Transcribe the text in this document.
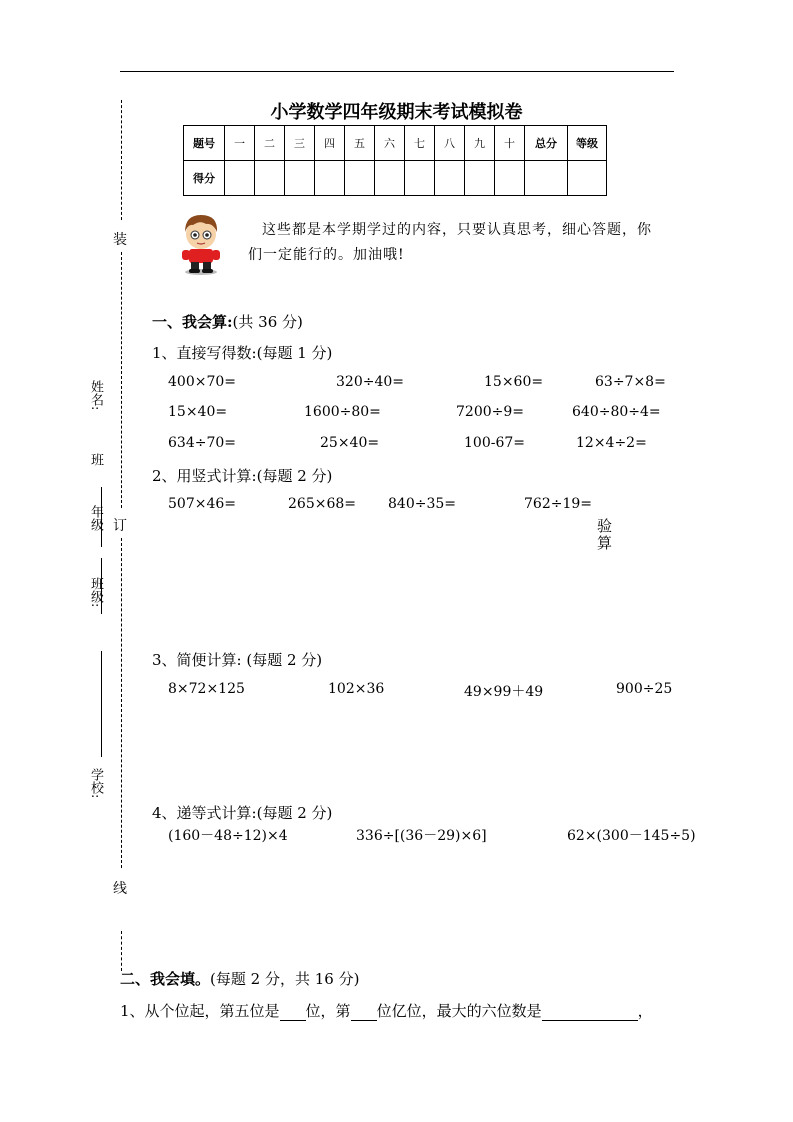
小学数学四年级期末考试模拟卷
题号	一	二	三	四	五	六	七	八	九	十	总分	等级
得分												
装
订
线
姓名:
班
年级
班级:
学校:
这些都是本学期学过的内容，只要认真思考，细心答题，你
们一定能行的。加油哦!
一、我会算:(共 36 分)
1、直接写得数:(每题 1 分)
400×70=	320÷40=	15×60=	63÷7×8=
15×40=	1600÷80=	7200÷9=	640÷80÷4=
634÷70=	25×40=	100-67=	12×4÷2=
2、用竖式计算:(每题 2 分)
507×46=	265×68= 840÷35=	762÷19=
验算
3、简便计算: (每题 2 分)
8×72×125	102×36	49×99＋49	900÷25
4、递等式计算:(每题 2 分)
(160－48÷12)×4	336÷[(36－29)×6]	62×(300－145÷5)
二、我会填。(每题 2 分，共 16 分)
1、从个位起，第五位是 位，第 位亿位，最大的六位数是	，
